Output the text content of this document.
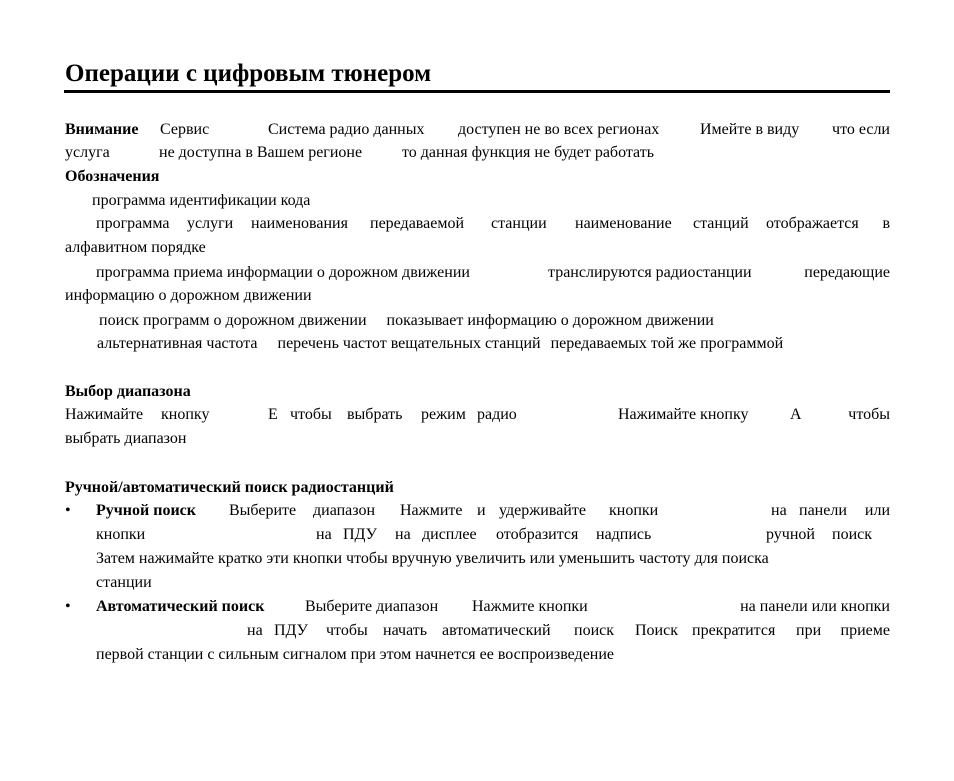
Операции с цифровым тюнером
Внимание Сервис	Система радио данных доступен не во всех регионах	Имейте в виду что если
услуга	не доступна в Вашем регионе то данная функция не будет работать
Обозначения
программа идентификации кода
программа услуги наименования передаваемой станции наименование станций отображается в
алфавитном порядке
программа приема информации о дорожном движении	транслируются радиостанции	передающие
информацию о дорожном движении
поиск программ о дорожном движении показывает информацию о дорожном движении
альтернативная частота перечень частот вещательных станций передаваемых той же программой
Выбор диапазона
Нажимайте кнопку	E чтобы выбрать режим радио	Нажимайте кнопку	A	чтобы
выбрать диапазон
Ручной/автоматический поиск радиостанций
• Ручной поиск Выберите диапазон Нажмите и удерживайте кнопки	на панели или
кнопки	на ПДУ на дисплее отобразится надпись	ручной поиск
Затем нажимайте кратко эти кнопки чтобы вручную увеличить или уменьшить частоту для поиска
станции
• Автоматический поиск	Выберите диапазон Нажмите кнопки	на панели или кнопки
на ПДУ чтобы начать автоматический поиск Поиск прекратится при приеме
первой станции с сильным сигналом при этом начнется ее воспроизведение
